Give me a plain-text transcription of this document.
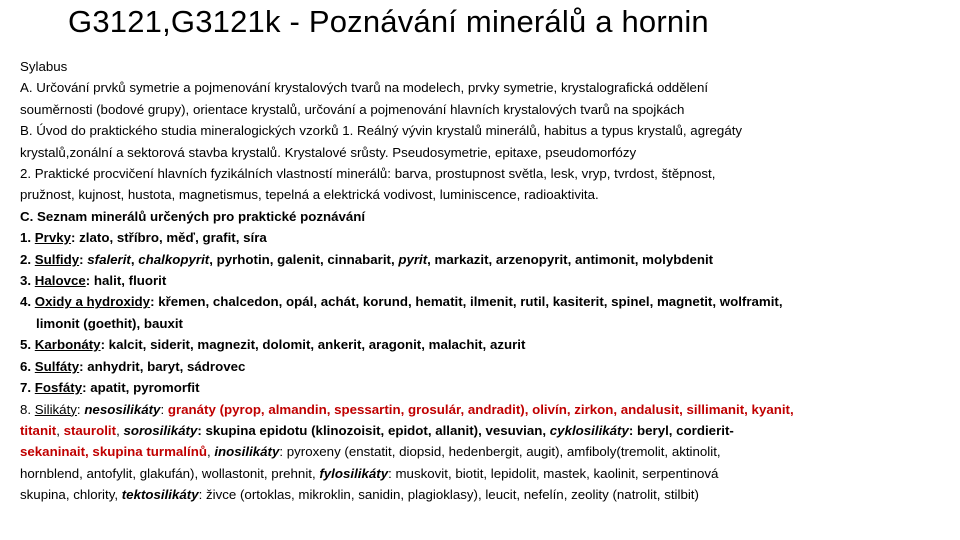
G3121,G3121k - Poznávání minerálů a hornin
Sylabus
A. Určování prvků symetrie a pojmenování krystalových tvarů na modelech, prvky symetrie, krystalografická oddělení
souměrnosti (bodové grupy), orientace krystalů, určování a pojmenování hlavních krystalových tvarů na spojkách
B. Úvod do praktického studia mineralogických vzorků 1. Reálný vývin krystalů minerálů, habitus a typus krystalů, agregáty
krystalů,zonální a sektorová stavba krystalů. Krystalové srůsty. Pseudosymetrie, epitaxe, pseudomorfózy
2. Praktické procvičení hlavních fyzikálních vlastností minerálů: barva, prostupnost světla, lesk, vryp, tvrdost, štěpnost,
pružnost, kujnost, hustota, magnetismus, tepelná a elektrická vodivost, luminiscence, radioaktivita.
C. Seznam minerálů určených pro praktické poznávání
1. Prvky: zlato, stříbro, měď, grafit, síra
2. Sulfidy: sfalerit, chalkopyrit, pyrhotin, galenit, cinnabarit, pyrit, markazit, arzenopyrit, antimonit, molybdenit
3. Halovce: halit, fluorit
4. Oxidy a hydroxidy: křemen, chalcedon, opál, achát, korund, hematit, ilmenit, rutil, kasiterit, spinel, magnetit, wolframit,
limonit (goethit), bauxit
5. Karbonáty: kalcit, siderit, magnezit, dolomit, ankerit, aragonit, malachit, azurit
6. Sulfáty: anhydrit, baryt, sádrovec
7. Fosfáty: apatit, pyromorfit
8. Silikáty: nesosilikáty: granáty (pyrop, almandin, spessartin, grosulár, andradit), olivín, zirkon, andalusit, sillimanit, kyanit,
titanit, staurolit, sorosilikáty: skupina epidotu (klinozoisit, epidot, allanit), vesuvian, cyklosilikáty: beryl, cordierit-
sekaninait, skupina turmalínů, inosilikáty: pyroxeny (enstatit, diopsid, hedenbergit, augit), amfiboly(tremolit, aktinolit,
hornblend, antofylit, glakufán), wollastonit, prehnit, fylosilikáty: muskovit, biotit, lepidolit, mastek, kaolinit, serpentinová
skupina, chlority, tektosilikáty: živce (ortoklas, mikroklin, sanidin, plagioklasy), leucit, nefelín, zeolity (natrolit, stilbit)
